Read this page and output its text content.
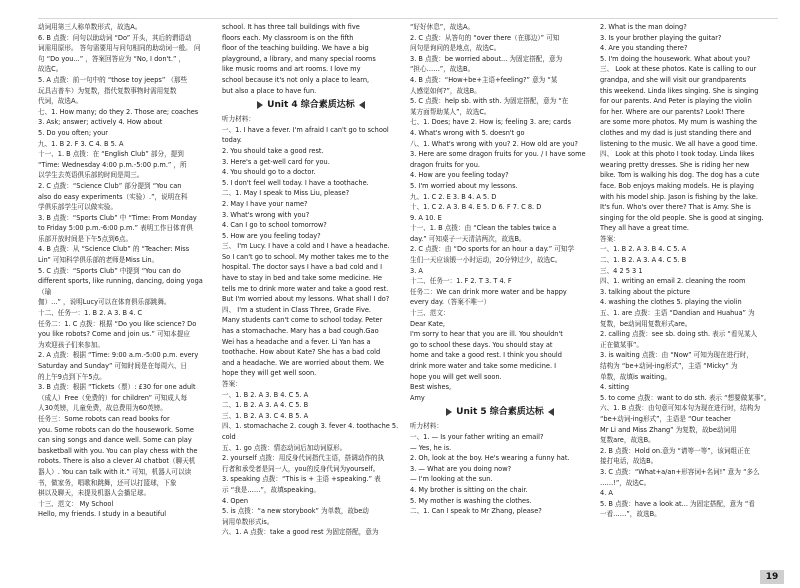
动词用第三人称单数形式，故选A。
6. B 点拨：问句以助动词 “Do” 开头，其后的谓语动
词需用原形。 答句需要用与问句相同的助动词一般。 问
句 “Do you...” ，答案回答应为 “No, I don't.” ，
故选C。
5. A 点拨：前一句中的 “those toy jeeps” （那些
玩具吉普车）为复数，指代复数事物时需用复数
代词，故选A。
七、1. How many; do they 2. Those are; coaches
3. Ask; answer; actively 4. How about
5. Do you often; your
九、1. B 2. F 3. C 4. B 5. A
十一、1. B 点拨：在 “English Club” 部分，提到
“Time: Wednesday 4:00 p.m.-5:00 p.m.” ，所
以学生去英语俱乐部的时间是周三。
2. C 点拨：“Science Club” 部分提到 “You can
also do easy experiments（实验）.”，说明在科
学俱乐部学生可以做实验。
3. B 点拨：“Sports Club” 中 “Time: From Monday
to Friday 5:00 p.m.-6:00 p.m.” 表明工作日体育俱
乐部开放时间是下午5点到6点。
4. B 点拨：从 “Science Club” 的 “Teacher: Miss
Lin” 可知科学俱乐部的老师是Miss Lin。
5. C 点拨：“Sports Club” 中提到 “You can do
different sports, like running, dancing, doing yoga（瑜
伽）...” ，说明Lucy可以在体育俱乐部跳舞。
十二、任务一：1. B 2. A 3. B 4. C
任务二：1. C 点拨：根据 “Do you like science? Do
you like robots? Come and join us.” 可知本提应
为欢迎孩子们来参加。
2. A 点拨：根据 “Time: 9:00 a.m.-5:00 p.m. every
Saturday and Sunday” 可知时间是在每周六、日
的上午9点到下午5点。
3. B 点拨：根据 “Tickets（票）: £30 for one adult
（成人）Free（免费的）for children” 可知成人每
人30英镑，儿童免费，故总费用为60英镑。
任务三：Some robots can read books for
you. Some robots can do the housework. Some
can sing songs and dance well. Some can play
basketball with you. You can play chess with the
robots. There is also a clever AI chatbot（聊天机
器人）. You can talk with it.” 可知，机器人可以读
书，做家务，唱歌和跳舞，还可以打篮球，下象
棋以及聊天，未提及机器人会播足球。
十三、范文： My School
Hello, my friends. I study in a beautiful
school. It has three tall buildings with five
floors each. My classroom is on the fifth
floor of the teaching building. We have a big
playground, a library, and many special rooms
like music rooms and art rooms. I love my
school because it's not only a place to learn,
but also a place to have fun.
Unit 4 综合素质达标
听力材料：
一、1. I have a fever. I'm afraid I can't go to school today.
2. You should take a good rest.
3. Here's a get-well card for you.
4. You should go to a doctor.
5. I don't feel well today. I have a toothache.
二、1. May I speak to Miss Liu, please?
2. May I have your name?
3. What's wrong with you?
4. Can I go to school tomorrow?
5. How are you feeling today?
三、 I'm Lucy. I have a cold and I have a headache.
So I can't go to school. My mother takes me to the
hospital. The doctor says I have a bad cold and I
have to stay in bed and take some medicine. He
tells me to drink more water and take a good rest.
But I'm worried about my lessons. What shall I do?
四、 I'm a student in Class Three, Grade Five.
Many students can't come to school today. Peter
has a stomachache. Mary has a bad cough.Gao
Wei has a headache and a fever. Li Yan has a
toothache. How about Kate? She has a bad cold
and a headache. We are worried about them. We
hope they will get well soon.
答案：
一、1. B 2. A 3. B 4. C 5. A
二、1. B 2. A 3. A 4. C 5. B
三、1. B 2. A 3. C 4. B 5. A
四、1. stomachache 2. cough 3. fever 4. toothache 5. cold
五、1. go 点拨：情态动词后加动词原形。
2. yourself 点拨：用反身代词指代主语，搭调动作的执
行者和承受者是同一人，you的反身代词为yourself。
3. speaking 点拨：“This is + 主语 +speaking.” 表
示 “我是……”，故填speaking。
4. Open
5. is 点拨：“a new storybook” 为单数，故be动
词用单数形式is。
六、1. A 点拨：take a good rest 为固定搭配，意为
“好好休息”，故选A。
2. C 点拨：从答句的 “over there（在那边）” 可知
问句是询问的是地点，故选C。
3. B 点拨：be worried about... 为固定搭配，意为
“担心……”，故选B。
4. B 点拨：“How+be+主语+feeling?” 意为 “某
人感觉如何?”，故选B。
5. C 点拨：help sb. with sth. 为固定搭配，意为 “在
某方面帮助某人”，故选C。
七、1. Does; have 2. How is; feeling 3. are; cards
4. What's wrong with 5. doesn't go
八、1. What's wrong with you? 2. How old are you?
3. Here are some dragon fruits for you. / I have some
dragon fruits for you.
4. How are you feeling today?
5. I'm worried about my lessons.
九、1. C 2. E 3. B 4. A 5. D
十、1. C 2. A 3. B 4. E 5. D 6. F 7. C 8. D
9. A 10. E
十一、1. B 点拨：由 “Clean the tables twice a
day.” 可知桌子一天清洁两次，故选B。
2. C 点拨：由 “Do sports for an hour a day.” 可知学
生们一天应该锻一小时运动，20分钟过少，故选C。
3. A
十二、任务一：1. F 2. T 3. T 4. F
任务二：We can drink more water and be happy
every day.（答案不唯一）
十三、范文：
Dear Kate,
I'm sorry to hear that you are ill. You shouldn't
go to school these days. You should stay at
home and take a good rest. I think you should
drink more water and take some medicine. I
hope you will get well soon.
Best wishes,
Amy
Unit 5 综合素质达标
听力材料：
一、1. — Is your father writing an email?
— Yes, he is.
2. Oh, look at the boy. He's wearing a funny hat.
3. — What are you doing now?
— I'm looking at the sun.
4. My brother is sitting on the chair.
5. My mother is washing the clothes.
二、1. Can I speak to Mr Zhang, please?
2. What is the man doing?
3. Is your brother playing the guitar?
4. Are you standing there?
5. I'm doing the housework. What about you?
三、 Look at these photos. Kate is calling to our
grandpa, and she will visit our grandparents
this weekend. Linda likes singing. She is singing
for our parents. And Peter is playing the violin
for her. Where are our parents? Look! There
are some more photos. My mum is washing the
clothes and my dad is just standing there and
listening to the music. We all have a good time.
四、 Look at this photo I took today. Linda likes
wearing pretty dresses. She is riding her new
bike. Tom is walking his dog. The dog has a cute
face. Bob enjoys making models. He is playing
with his model ship. Jason is fishing by the lake.
It's fun. Who's over there? That is Amy. She is
singing for the old people. She is good at singing.
They all have a great time.
答案：
一、1. B 2. A 3. B 4. C 5. A
二、1. B 2. A 3. A 4. C 5. B
三、4 2 5 3 1
四、1. writing an email 2. cleaning the room
3. talking about the picture
4. washing the clothes 5. playing the violin
五、1. are 点拨：主语 “Dandian and Huahua” 为
复数，be动词用复数形式are。
2. calling 点拨：see sb. doing sth. 表示 “看见某人
正在做某事”。
3. is waiting 点拨：由 “Now” 可知为现在进行时，
结构为 “be+动词-ing形式”，主语 “Micky” 为
单数，故填is waiting。
4. sitting
5. to come 点拨：want to do sth. 表示 “想要做某事”。
六、1. B 点拨：由句意可知本句为现在进行时，结构为
“be+动词-ing形式”，主语是 “Our teacher
Mr Li and Miss Zhang” 为复数，故be动词用
复数are，故选B。
2. B 点拨：Hold on.意为 “请等一等”，该词组正在
接打电话，故选B。
3. C 点拨：“What+a/an+形容词+名词!” 意为 “多么
……!”，故选C。
4. A
5. B 点拨：have a look at... 为固定搭配，意为 “看
一看……”，故选B。
19
